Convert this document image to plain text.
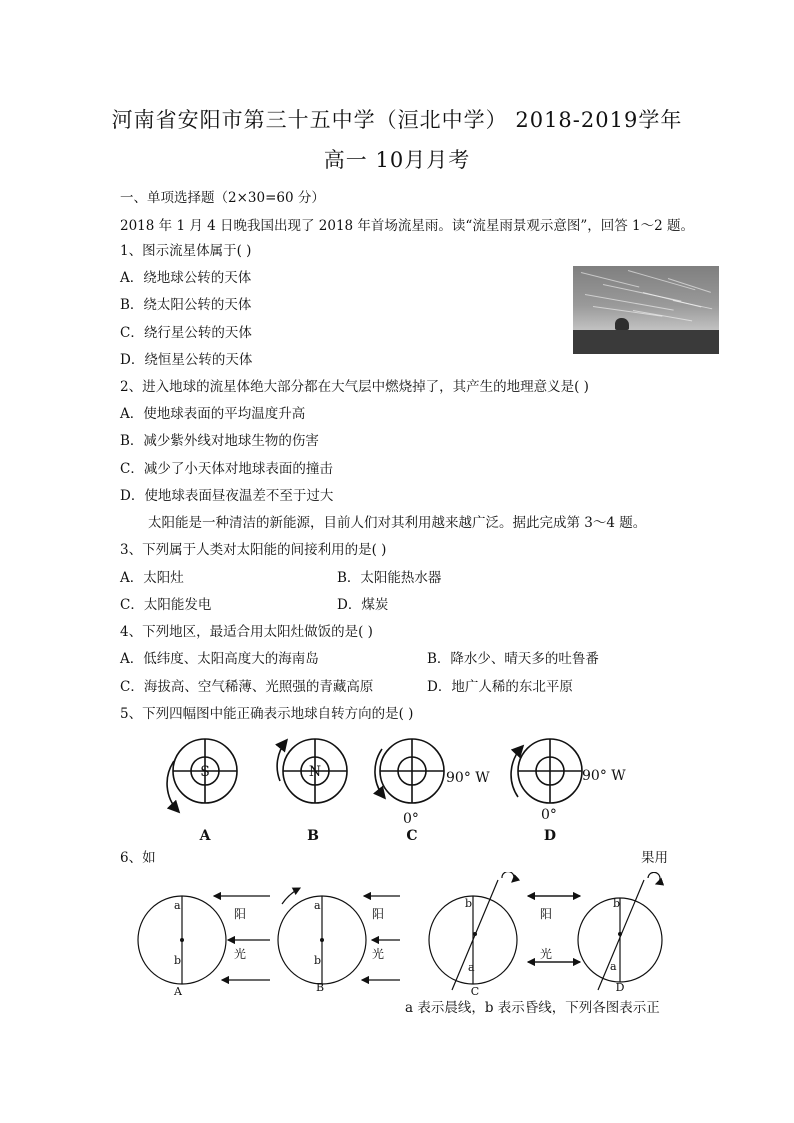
河南省安阳市第三十五中学（洹北中学） 2018-2019学年
高一 10月月考
一、单项选择题（2×30=60 分）
2018 年 1 月 4 日晚我国出现了 2018 年首场流星雨。读“流星雨景观示意图”，回答 1～2 题。
1、图示流星体属于( )
A．绕地球公转的天体
B．绕太阳公转的天体
C．绕行星公转的天体
D．绕恒星公转的天体
2、进入地球的流星体绝大部分都在大气层中燃烧掉了，其产生的地理意义是( )
A．使地球表面的平均温度升高
B．减少紫外线对地球生物的伤害
C．减少了小天体对地球表面的撞击
D．使地球表面昼夜温差不至于过大
太阳能是一种清洁的新能源，目前人们对其利用越来越广泛。据此完成第 3～4 题。
3、下列属于人类对太阳能的间接利用的是( )
A．太阳灶	B．太阳能热水器
C．太阳能发电	D．煤炭
4、下列地区，最适合用太阳灶做饭的是( )
A．低纬度、太阳高度大的海南岛	B．降水少、晴天多的吐鲁番
C．海拔高、空气稀薄、光照强的青藏高原	D．地广人稀的东北平原
5、下列四幅图中能正确表示地球自转方向的是( )
S	N	90° W
0°
90° W
0°
A	B	C	D
6、如	果用
a
b
阳
光
a
b
阳
光
b
a
阳
光
b
a
A	B	C	D
a 表示晨线，b 表示昏线，下列各图表示正
